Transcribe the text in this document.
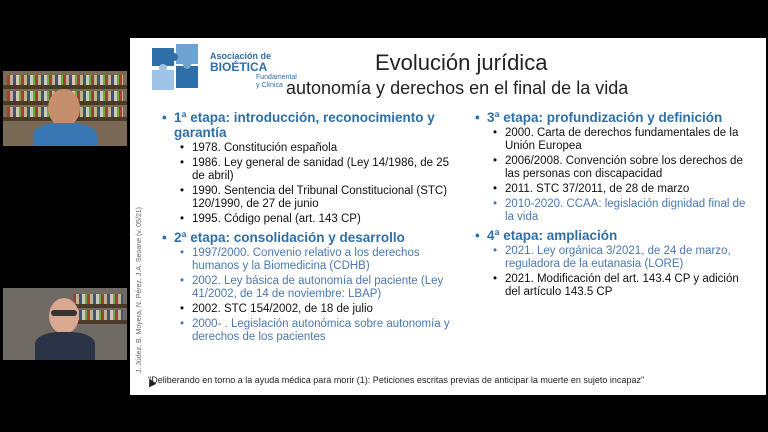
Asociación de
BIOÉTICA
Fundamental
y Clínica
Evolución jurídica
autonomía y derechos en el final de la vida
J. Júdez, B. Moyera, N. Pérez, J.A. Seoane (v. 05/21)
• 1ª etapa: introducción, reconocimiento y garantía
• 1978. Constitución española
• 1986. Ley general de sanidad (Ley 14/1986, de 25 de abril)
• 1990. Sentencia del Tribunal Constitucional (STC) 120/1990, de 27 de junio
• 1995. Código penal (art. 143 CP)
• 2ª etapa: consolidación y desarrollo
• 1997/2000. Convenio relativo a los derechos humanos y la Biomedicina (CDHB)
• 2002. Ley básica de autonomía del paciente (Ley 41/2002, de 14 de noviembre: LBAP)
• 2002. STC 154/2002, de 18 de julio
• 2000- . Legislación autonómica sobre autonomía y derechos de los pacientes
• 3ª etapa: profundización y definición
• 2000. Carta de derechos fundamentales de la Unión Europea
• 2006/2008. Convención sobre los derechos de las personas con discapacidad
• 2011. STC 37/2011, de 28 de marzo
• 2010-2020. CCAA: legislación dignidad final de la vida
• 4ª etapa: ampliación
• 2021. Ley orgánica 3/2021, de 24 de marzo, reguladora de la eutanasia (LORE)
• 2021. Modificación del art. 143.4 CP y adición del artículo 143.5 CP
"Deliberando en torno a la ayuda médica para morir (1): Peticiones escritas previas de anticipar la muerte en sujeto incapaz"
